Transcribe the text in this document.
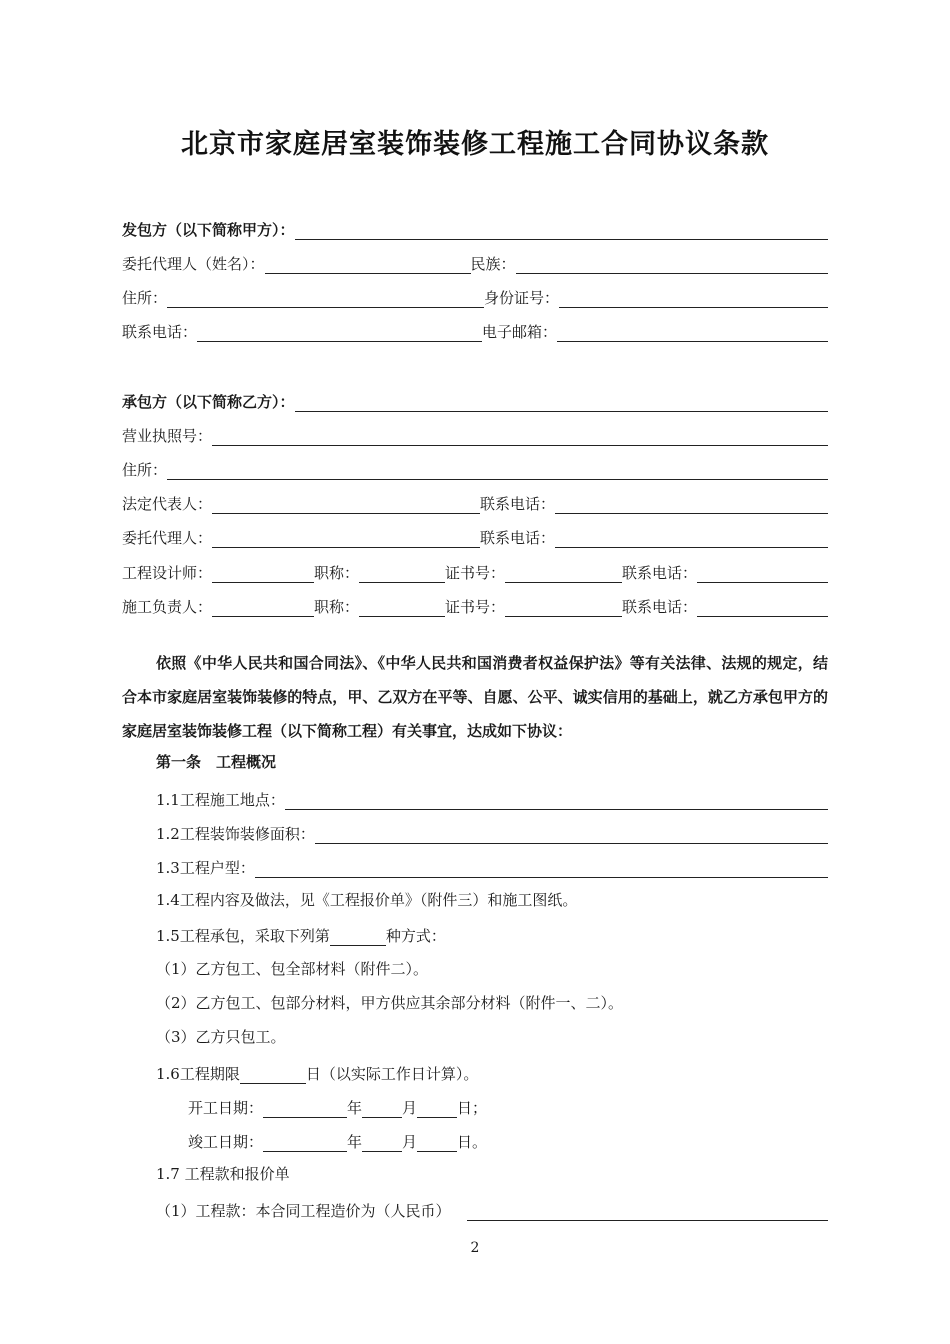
北京市家庭居室装饰装修工程施工合同协议条款
发包方（以下简称甲方）：
委托代理人（姓名）：	民族：
住所：	身份证号：
联系电话：	电子邮箱：
承包方（以下简称乙方）：
营业执照号：
住所：
法定代表人：	联系电话：
委托代理人：	联系电话：
工程设计师：	职称：	证书号：	联系电话：
施工负责人：	职称：	证书号：	联系电话：
依照《中华人民共和国合同法》、《中华人民共和国消费者权益保护法》等有关法律、法规的规定，结合本市家庭居室装饰装修的特点，甲、乙双方在平等、自愿、公平、诚实信用的基础上，就乙方承包甲方的家庭居室装饰装修工程（以下简称工程）有关事宜，达成如下协议：
第一条　工程概况
1.1工程施工地点：
1.2工程装饰装修面积：
1.3工程户型：
1.4工程内容及做法，见《工程报价单》（附件三）和施工图纸。
1.5工程承包，采取下列第	种方式：
（1）乙方包工、包全部材料（附件二）。
（2）乙方包工、包部分材料，甲方供应其余部分材料（附件一、二）。
（3）乙方只包工。
1.6工程期限	日（以实际工作日计算）。
开工日期：	年	月	日；
竣工日期：	年	月	日。
1.7 工程款和报价单
（1）工程款：本合同工程造价为（人民币）
2
